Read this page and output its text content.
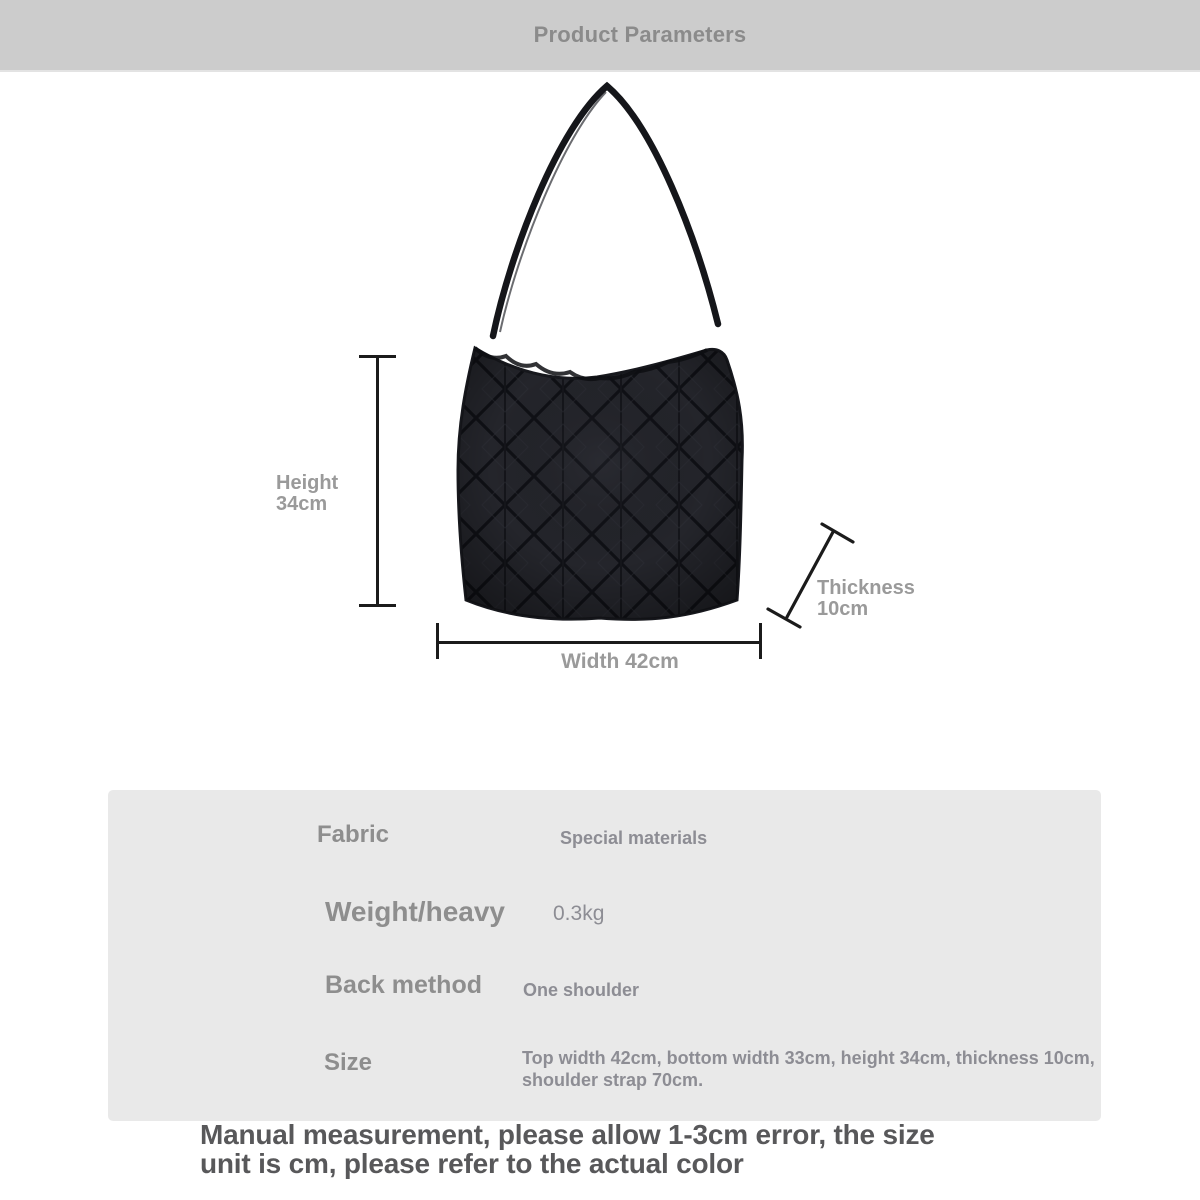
Product Parameters
Height
34cm
Width 42cm
Thickness
10cm
Fabric	Special materials
Weight/heavy 0.3kg
Back method One shoulder
Size	Top width 42cm, bottom width 33cm, height 34cm, thickness 10cm, shoulder strap 70cm.
Manual measurement, please allow 1-3cm error, the size
unit is cm, please refer to the actual color
